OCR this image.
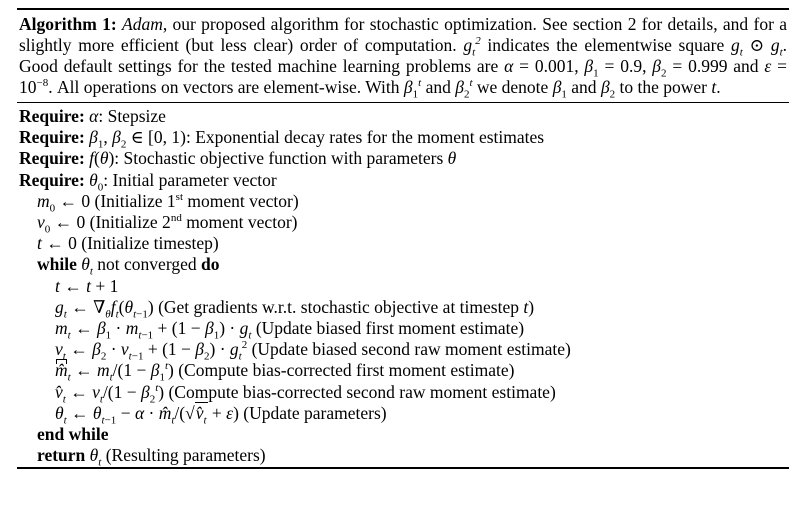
Algorithm 1: Adam, our proposed algorithm for stochastic optimization. See section 2 for details, and for a slightly more efficient (but less clear) order of computation. $g_t^2$ indicates the elementwise square $g_t$ ⊙ $g_t$. Good default settings for the tested machine learning problems are α = 0.001, $\beta_1 = 0.9$, $\beta_2 = 0.999$ and $\varepsilon = 10^{-8}$. All operations on vectors are element-wise. With $\beta_1^t$ and $\beta_2^t$ we denote $\beta_1$ and $\beta_2$ to the power t.
Require: α: Stepsize
Require: $\beta_1$, $\beta_2$ ∈ [0, 1): Exponential decay rates for the moment estimates
Require: f(θ): Stochastic objective function with parameters θ
Require: $\theta_0$: Initial parameter vector
$m_0$ ← 0 (Initialize 1st moment vector)
$v_0$ ← 0 (Initialize 2nd moment vector)
t ← 0 (Initialize timestep)
while $\theta_t$ not converged do
t ← t + 1
$g_t$ ← $\nabla_\theta f_t(\theta_{t-1})$ (Get gradients w.r.t. stochastic objective at timestep t)
$m_t$ ← $\beta_1 \cdot m_{t-1} + (1 - \beta_1) \cdot g_t$ (Update biased first moment estimate)
$v_t$ ← $\beta_2 \cdot v_{t-1} + (1 - \beta_2) \cdot g_t^2$ (Update biased second raw moment estimate)
$m̂_t$ ← $m_t/(1 - \beta_1^t)$ (Compute bias-corrected first moment estimate)
$v̂_t$ ← $v_t/(1 - \beta_2^t)$ (Compute bias-corrected second raw moment estimate)
$\theta_t$ ← $\theta_{t-1} - \alpha$ · $m̂_t/(√v̂_t + \varepsilon)$ (Update parameters)
end while
return $\theta_t$ (Resulting parameters)
